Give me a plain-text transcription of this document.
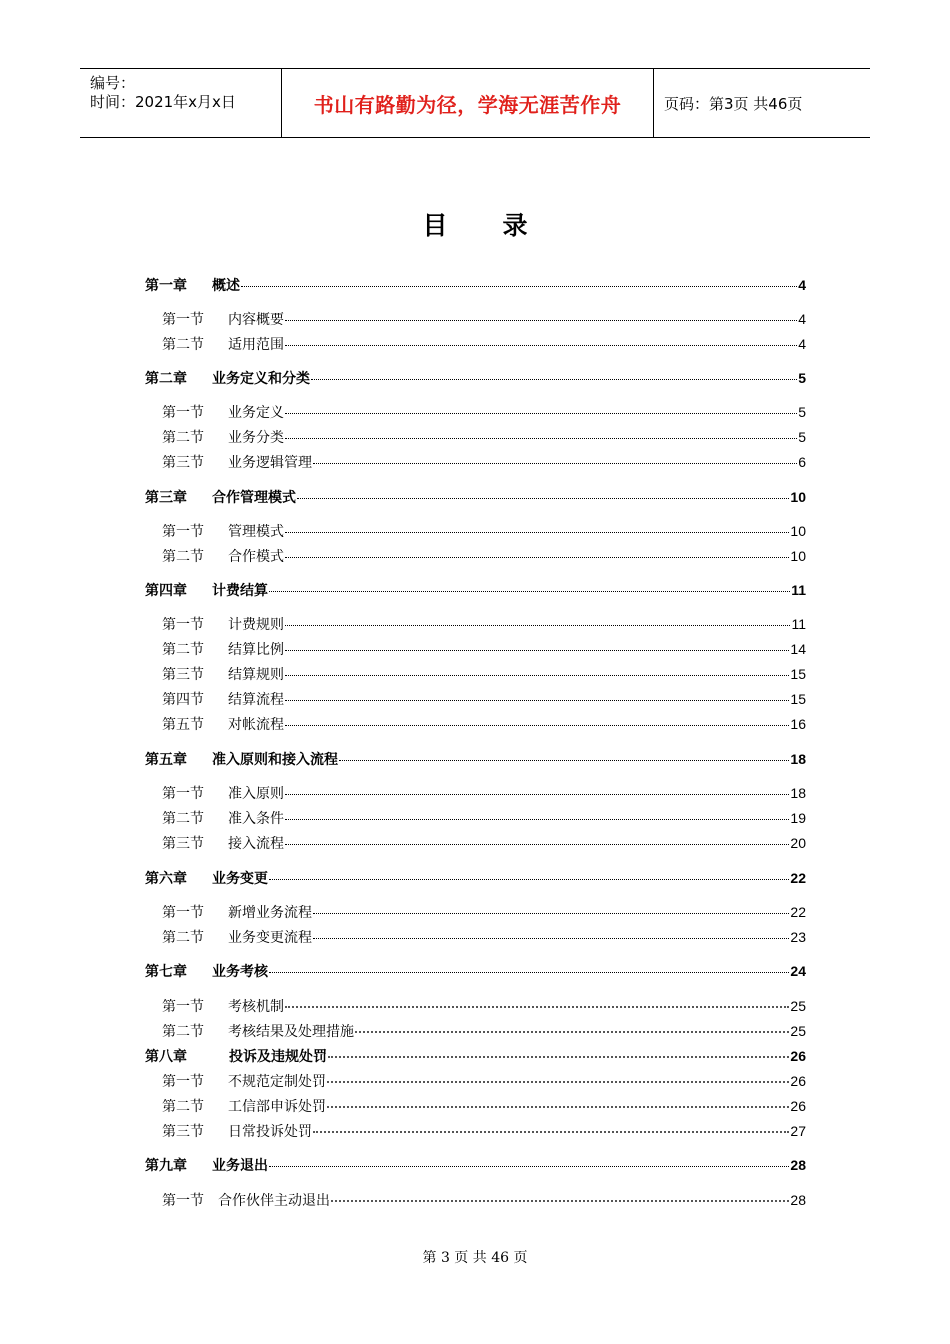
编号：
时间：2021年x月x日	书山有路勤为径，学海无涯苦作舟	页码：第3页 共46页
目 录
第一章	概述	4
第一节	内容概要	4
第二节	适用范围	4
第二章	业务定义和分类	5
第一节	业务定义	5
第二节	业务分类	5
第三节	业务逻辑管理	6
第三章	合作管理模式	10
第一节	管理模式	10
第二节	合作模式	10
第四章	计费结算	11
第一节	计费规则	11
第二节	结算比例	14
第三节	结算规则	15
第四节	结算流程	15
第五节	对帐流程	16
第五章	准入原则和接入流程	18
第一节	准入原则	18
第二节	准入条件	19
第三节	接入流程	20
第六章	业务变更	22
第一节	新增业务流程	22
第二节	业务变更流程	23
第七章	业务考核	24
第一节	考核机制	25
第二节	考核结果及处理措施	25
第八章	投诉及违规处罚	26
第一节	不规范定制处罚	26
第二节	工信部申诉处罚	26
第三节	日常投诉处罚	27
第九章	业务退出	28
第一节	合作伙伴主动退出	28
第 3 页 共 46 页
